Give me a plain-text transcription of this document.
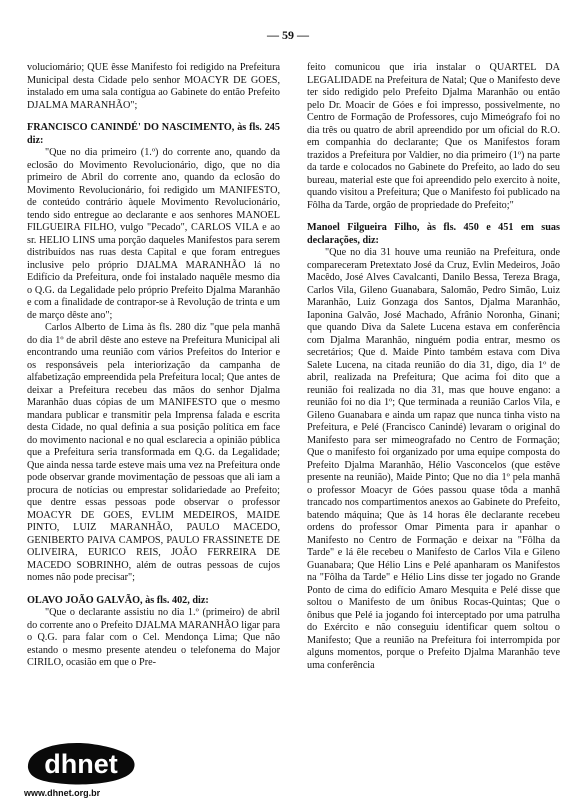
— 59 —

voluciomário; QUE êsse Manifesto foi redigido na Prefeitura Municipal desta Cidade pelo senhor MOACYR DE GOES, instalado em uma sala contígua ao Gabinete do então Prefeito DJALMA MARANHÃO";

FRANCISCO CANINDÉ' DO NASCIMENTO, às fls. 245 diz:

"Que no dia primeiro (1.º) do corrente ano, quando da eclosão do Movimento Revolucionário, digo, que no dia primeiro de Abril do corrente ano, quando da eclosão do Movimento Revolucionário, foi redigido um MANIFESTO, de conteúdo contrário àquele Movimento Revolucionário, tendo sido entregue ao declarante e aos senhores MANOEL FILGUEIRA FILHO, vulgo "Pecado", CARLOS VILA e ao sr. HELIO LINS uma porção daqueles Manifestos para serem distribuídos nas ruas desta Capital e que foram entregues inclusive pelo próprio DJALMA MARANHÃO lá no Edifício da Prefeitura, onde foi instalado naquêle mesmo dia o Q.G. da Legalidade pelo próprio Prefeito Djalma Maranhão e com a finalidade de contrapor-se à Revolução de trinta e um de março dêste ano";

Carlos Alberto de Lima às fls. 280 diz "que pela manhã do dia 1º de abril dêste ano esteve na Prefeitura Municipal ali encontrando uma reunião com vários Prefeitos do Interior e os responsáveis pela interiorização da campanha de alfabetização empreendida pela Prefeitura local; Que antes de deixar a Prefeitura recebeu das mãos do senhor Djalma Maranhão duas cópias de um MANIFESTO que o mesmo mandara publicar e transmitir pela Imprensa falada e escrita desta Cidade, no qual definia a sua posição política em face do movimento nacional e no qual esclarecia a opinião pública que a Prefeitura seria transformada em Q.G. da Legalidade; Que ainda nessa tarde esteve mais uma vez na Prefeitura onde pode observar grande movimentação de pessoas que ali iam a procura de notícias ou emprestar solidariedade ao Prefeito; que dentre essas pessoas pode observar o professor MOACYR DE GOES, EVLIM MEDEIROS, MAIDE PINTO, LUIZ MARANHÃO, PAULO MACEDO, GENIBERTO PAIVA CAMPOS, PAULO FRASSINETE DE OLIVEIRA, EURICO REIS, JOÃO FERREIRA DE MACEDO SOBRINHO, além de outras pessoas de cujos nomes não pode precisar";

OLAVO JOÃO GALVÃO, às fls. 402, diz:

"Que o declarante assistiu no dia 1.º (primeiro) de abril do corrente ano o Prefeito DJALMA MARANHÃO ligar para o Q.G. para falar com o Cel. Mendonça Lima; Que não estando o mesmo presente atendeu o telefonema do Major CIRILO, ocasião em que o Pre-

feito comunicou que iria instalar o QUARTEL DA LEGALIDADE na Prefeitura de Natal; Que o Manifesto deve ter sido redigido pelo Prefeito Djalma Maranhão ou então pelo Dr. Moacir de Góes e foi impresso, possivelmente, no Centro de Formação de Professores, cujo Mimeógrafo foi no dia três ou quatro de abril apreendido por um oficial do R.O. em companhia do declarante; Que os Manifestos foram trazidos a Prefeitura por Valdier, no dia primeiro (1º) na parte da tarde e colocados no Gabinete do Prefeito, ao lado do seu bureau, material este que foi apreendido pelo exercito à noite, quando visitou a Prefeitura; Que o Manifesto foi publicado na Fôlha da Tarde, orgão de propriedade do Prefeito;"

Manoel Filgueira Filho, às fls. 450 e 451 em suas declarações, diz:

"Que no dia 31 houve uma reunião na Prefeitura, onde compareceram Pretextato José da Cruz, Evlin Medeiros, João Macêdo, José Alves Cavalcanti, Danilo Bessa, Tereza Braga, Carlos Vila, Gileno Guanabara, Salomão, Pedro Simão, Luiz Maranhão, Luiz Gonzaga dos Santos, Djalma Maranhão, Iaponina Galvão, José Machado, Afrânio Noronha, Ginani; que quando Diva da Salete Lucena estava em conferência com Djalma Maranhão, ninguém podia entrar, mesmo os secretários; Que d. Maide Pinto também estava com Diva Salete Lucena, na citada reunião do dia 31, digo, dia 1º de abril, realizada na Prefeitura; Que acima foi dito que a reunião foi realizada no dia 31, mas que houve engano: a reunião foi no dia 1º; Que terminada a reunião Carlos Vila, e Gileno Guanabara e ainda um rapaz que nunca tinha visto na Prefeitura, e Pelé (Francisco Canindé) levaram o original do Manifesto para ser mimeografado no Centro de Formação; Que o manifesto foi organizado por uma equipe composta do Prefeito Djalma Maranhão, Hélio Vasconcelos (que estêve presente na reunião), Maide Pinto; Que no dia 1º pela manhã o professor Moacyr de Góes passou quase tôda a manhã trancado nos compartimentos anexos ao Gabinete do Prefeito, batendo máquina; Que às 14 horas êle declarante recebeu ordens do professor Omar Pimenta para ir apanhar o Manifesto no Centro de Formação e deixar na "Fôlha da Tarde" e lá êle recebeu o Manifesto de Carlos Vila e Gileno Guanabara; Que Hélio Lins e Pelé apanharam os Manifestos na "Fôlha da Tarde" e Hélio Lins disse ter jogado no Grande Ponto de cima do edifício Amaro Mesquita e Pelé disse que soltou o Manifesto de um ônibus Rocas-Quintas; Que o ônibus que Pelé ia jogando foi interceptado por uma patrulha do Exército e não conseguiu identificar quem soltou o Manifesto; Que a reunião na Prefeitura foi interrompida por alguns momentos, porque o Prefeito Djalma Maranhão teve uma conferência

dhnet
www.dhnet.org.br
